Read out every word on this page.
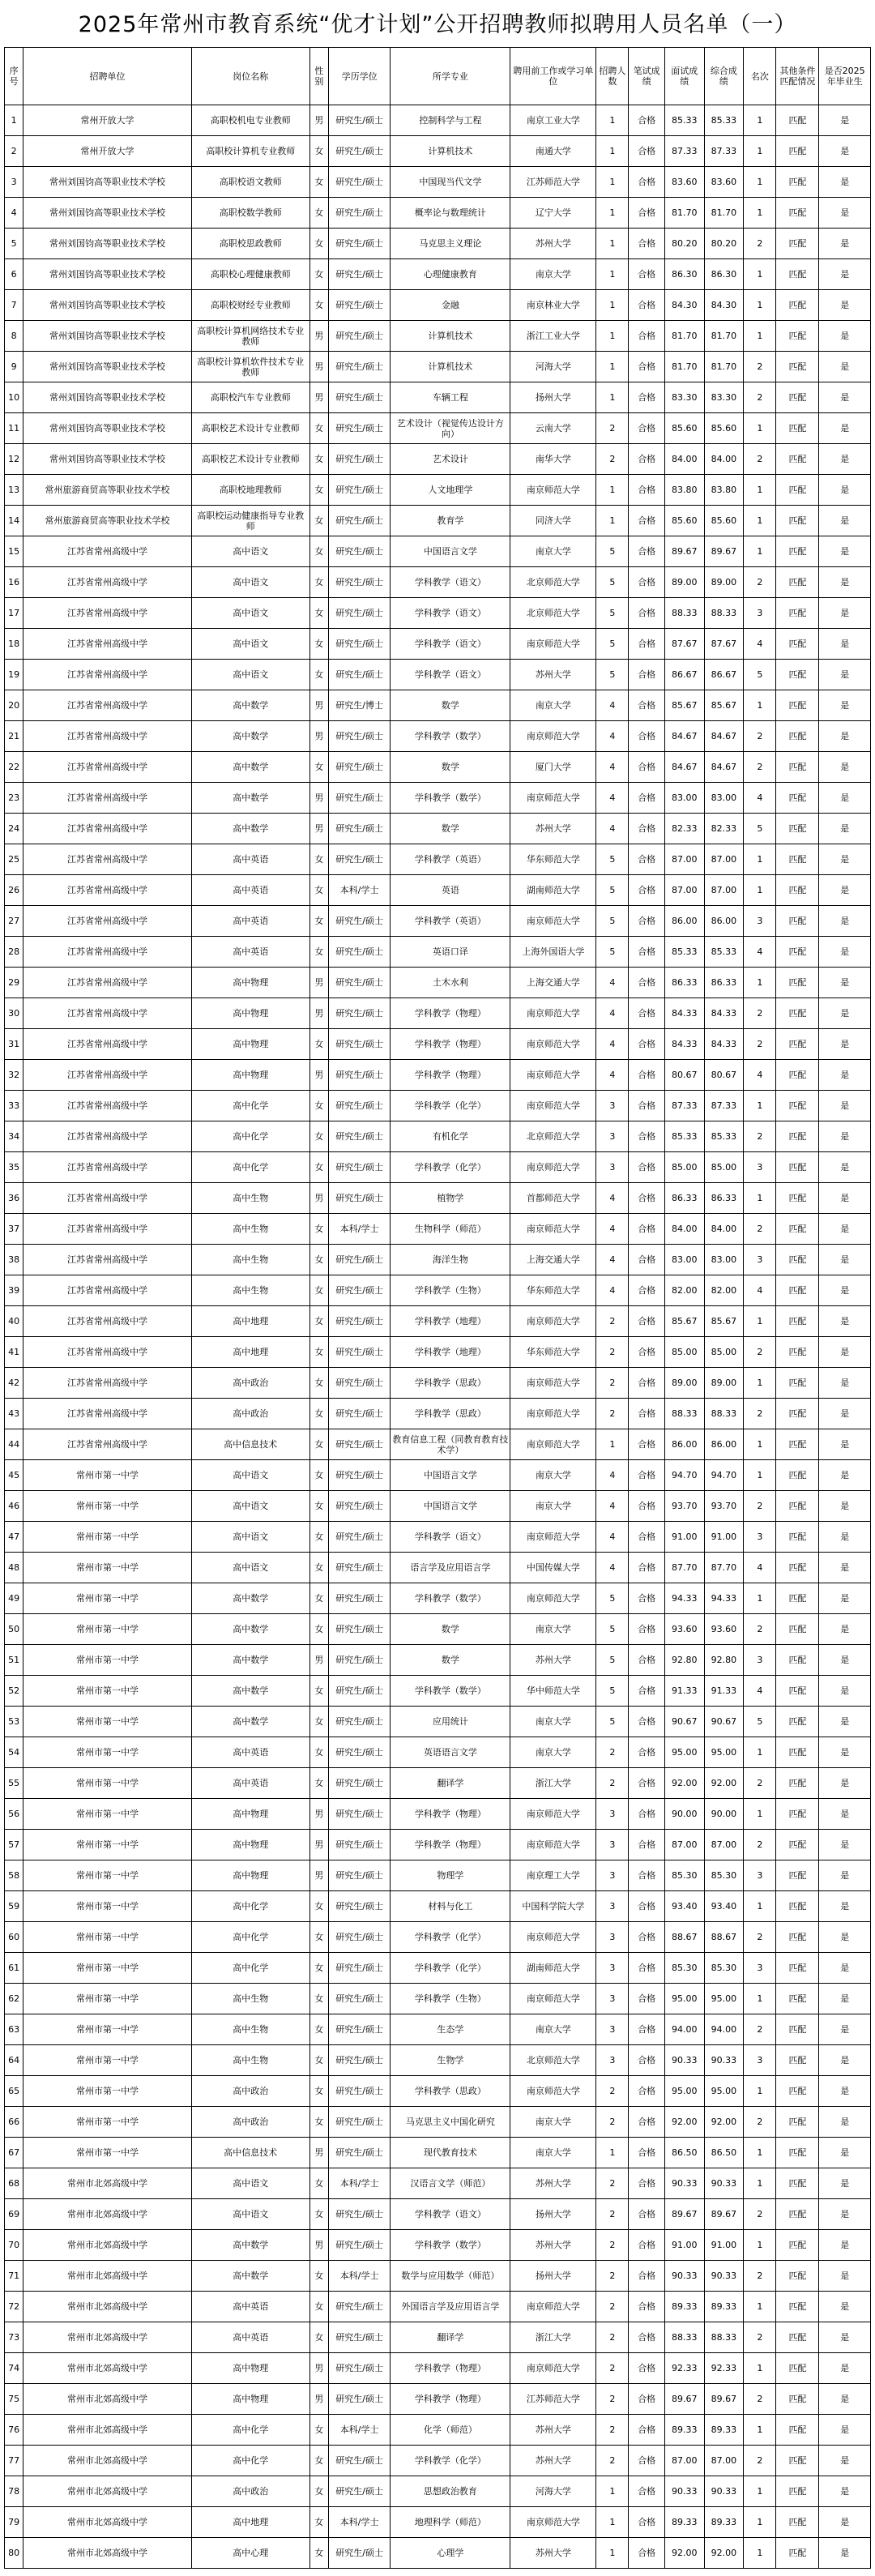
2025年常州市教育系统“优才计划”公开招聘教师拟聘用人员名单（一）
序号	招聘单位	岗位名称	性别	学历学位	所学专业	聘用前工作或学习单位	招聘人数	笔试成绩	面试成绩	综合成绩	名次	其他条件匹配情况	是否2025年毕业生
1	常州开放大学	高职校机电专业教师	男	研究生/硕士	控制科学与工程	南京工业大学	1	合格	85.33	85.33	1	匹配	是
2	常州开放大学	高职校计算机专业教师	女	研究生/硕士	计算机技术	南通大学	1	合格	87.33	87.33	1	匹配	是
3	常州刘国钧高等职业技术学校	高职校语文教师	女	研究生/硕士	中国现当代文学	江苏师范大学	1	合格	83.60	83.60	1	匹配	是
4	常州刘国钧高等职业技术学校	高职校数学教师	女	研究生/硕士	概率论与数理统计	辽宁大学	1	合格	81.70	81.70	1	匹配	是
5	常州刘国钧高等职业技术学校	高职校思政教师	女	研究生/硕士	马克思主义理论	苏州大学	1	合格	80.20	80.20	2	匹配	是
6	常州刘国钧高等职业技术学校	高职校心理健康教师	女	研究生/硕士	心理健康教育	南京大学	1	合格	86.30	86.30	1	匹配	是
7	常州刘国钧高等职业技术学校	高职校财经专业教师	女	研究生/硕士	金融	南京林业大学	1	合格	84.30	84.30	1	匹配	是
8	常州刘国钧高等职业技术学校	高职校计算机网络技术专业教师	男	研究生/硕士	计算机技术	浙江工业大学	1	合格	81.70	81.70	1	匹配	是
9	常州刘国钧高等职业技术学校	高职校计算机软件技术专业教师	男	研究生/硕士	计算机技术	河海大学	1	合格	81.70	81.70	2	匹配	是
10	常州刘国钧高等职业技术学校	高职校汽车专业教师	男	研究生/硕士	车辆工程	扬州大学	1	合格	83.30	83.30	2	匹配	是
11	常州刘国钧高等职业技术学校	高职校艺术设计专业教师	女	研究生/硕士	艺术设计（视觉传达设计方向）	云南大学	2	合格	85.60	85.60	1	匹配	是
12	常州刘国钧高等职业技术学校	高职校艺术设计专业教师	女	研究生/硕士	艺术设计	南华大学	2	合格	84.00	84.00	2	匹配	是
13	常州旅游商贸高等职业技术学校	高职校地理教师	女	研究生/硕士	人文地理学	南京师范大学	1	合格	83.80	83.80	1	匹配	是
14	常州旅游商贸高等职业技术学校	高职校运动健康指导专业教师	女	研究生/硕士	教育学	同济大学	1	合格	85.60	85.60	1	匹配	是
15	江苏省常州高级中学	高中语文	女	研究生/硕士	中国语言文学	南京大学	5	合格	89.67	89.67	1	匹配	是
16	江苏省常州高级中学	高中语文	女	研究生/硕士	学科教学（语文）	北京师范大学	5	合格	89.00	89.00	2	匹配	是
17	江苏省常州高级中学	高中语文	女	研究生/硕士	学科教学（语文）	北京师范大学	5	合格	88.33	88.33	3	匹配	是
18	江苏省常州高级中学	高中语文	女	研究生/硕士	学科教学（语文）	南京师范大学	5	合格	87.67	87.67	4	匹配	是
19	江苏省常州高级中学	高中语文	女	研究生/硕士	学科教学（语文）	苏州大学	5	合格	86.67	86.67	5	匹配	是
20	江苏省常州高级中学	高中数学	男	研究生/博士	数学	南京大学	4	合格	85.67	85.67	1	匹配	是
21	江苏省常州高级中学	高中数学	男	研究生/硕士	学科教学（数学）	南京师范大学	4	合格	84.67	84.67	2	匹配	是
22	江苏省常州高级中学	高中数学	女	研究生/硕士	数学	厦门大学	4	合格	84.67	84.67	2	匹配	是
23	江苏省常州高级中学	高中数学	男	研究生/硕士	学科教学（数学）	南京师范大学	4	合格	83.00	83.00	4	匹配	是
24	江苏省常州高级中学	高中数学	男	研究生/硕士	数学	苏州大学	4	合格	82.33	82.33	5	匹配	是
25	江苏省常州高级中学	高中英语	女	研究生/硕士	学科教学（英语）	华东师范大学	5	合格	87.00	87.00	1	匹配	是
26	江苏省常州高级中学	高中英语	女	本科/学士	英语	湖南师范大学	5	合格	87.00	87.00	1	匹配	是
27	江苏省常州高级中学	高中英语	女	研究生/硕士	学科教学（英语）	南京师范大学	5	合格	86.00	86.00	3	匹配	是
28	江苏省常州高级中学	高中英语	女	研究生/硕士	英语口译	上海外国语大学	5	合格	85.33	85.33	4	匹配	是
29	江苏省常州高级中学	高中物理	男	研究生/硕士	土木水利	上海交通大学	4	合格	86.33	86.33	1	匹配	是
30	江苏省常州高级中学	高中物理	男	研究生/硕士	学科教学（物理）	南京师范大学	4	合格	84.33	84.33	2	匹配	是
31	江苏省常州高级中学	高中物理	女	研究生/硕士	学科教学（物理）	南京师范大学	4	合格	84.33	84.33	2	匹配	是
32	江苏省常州高级中学	高中物理	男	研究生/硕士	学科教学（物理）	南京师范大学	4	合格	80.67	80.67	4	匹配	是
33	江苏省常州高级中学	高中化学	女	研究生/硕士	学科教学（化学）	南京师范大学	3	合格	87.33	87.33	1	匹配	是
34	江苏省常州高级中学	高中化学	女	研究生/硕士	有机化学	北京师范大学	3	合格	85.33	85.33	2	匹配	是
35	江苏省常州高级中学	高中化学	女	研究生/硕士	学科教学（化学）	南京师范大学	3	合格	85.00	85.00	3	匹配	是
36	江苏省常州高级中学	高中生物	男	研究生/硕士	植物学	首都师范大学	4	合格	86.33	86.33	1	匹配	是
37	江苏省常州高级中学	高中生物	女	本科/学士	生物科学（师范）	南京师范大学	4	合格	84.00	84.00	2	匹配	是
38	江苏省常州高级中学	高中生物	女	研究生/硕士	海洋生物	上海交通大学	4	合格	83.00	83.00	3	匹配	是
39	江苏省常州高级中学	高中生物	女	研究生/硕士	学科教学（生物）	华东师范大学	4	合格	82.00	82.00	4	匹配	是
40	江苏省常州高级中学	高中地理	女	研究生/硕士	学科教学（地理）	南京师范大学	2	合格	85.67	85.67	1	匹配	是
41	江苏省常州高级中学	高中地理	女	研究生/硕士	学科教学（地理）	华东师范大学	2	合格	85.00	85.00	2	匹配	是
42	江苏省常州高级中学	高中政治	女	研究生/硕士	学科教学（思政）	南京师范大学	2	合格	89.00	89.00	1	匹配	是
43	江苏省常州高级中学	高中政治	女	研究生/硕士	学科教学（思政）	南京师范大学	2	合格	88.33	88.33	2	匹配	是
44	江苏省常州高级中学	高中信息技术	女	研究生/硕士	教育信息工程（同教育教育技术学）	南京师范大学	1	合格	86.00	86.00	1	匹配	是
45	常州市第一中学	高中语文	女	研究生/硕士	中国语言文学	南京大学	4	合格	94.70	94.70	1	匹配	是
46	常州市第一中学	高中语文	女	研究生/硕士	中国语言文学	南京大学	4	合格	93.70	93.70	2	匹配	是
47	常州市第一中学	高中语文	女	研究生/硕士	学科教学（语文）	南京师范大学	4	合格	91.00	91.00	3	匹配	是
48	常州市第一中学	高中语文	女	研究生/硕士	语言学及应用语言学	中国传媒大学	4	合格	87.70	87.70	4	匹配	是
49	常州市第一中学	高中数学	女	研究生/硕士	学科教学（数学）	南京师范大学	5	合格	94.33	94.33	1	匹配	是
50	常州市第一中学	高中数学	女	研究生/硕士	数学	南京大学	5	合格	93.60	93.60	2	匹配	是
51	常州市第一中学	高中数学	男	研究生/硕士	数学	苏州大学	5	合格	92.80	92.80	3	匹配	是
52	常州市第一中学	高中数学	女	研究生/硕士	学科教学（数学）	华中师范大学	5	合格	91.33	91.33	4	匹配	是
53	常州市第一中学	高中数学	女	研究生/硕士	应用统计	南京大学	5	合格	90.67	90.67	5	匹配	是
54	常州市第一中学	高中英语	女	研究生/硕士	英语语言文学	南京大学	2	合格	95.00	95.00	1	匹配	是
55	常州市第一中学	高中英语	女	研究生/硕士	翻译学	浙江大学	2	合格	92.00	92.00	2	匹配	是
56	常州市第一中学	高中物理	男	研究生/硕士	学科教学（物理）	南京师范大学	3	合格	90.00	90.00	1	匹配	是
57	常州市第一中学	高中物理	男	研究生/硕士	学科教学（物理）	南京师范大学	3	合格	87.00	87.00	2	匹配	是
58	常州市第一中学	高中物理	男	研究生/硕士	物理学	南京理工大学	3	合格	85.30	85.30	3	匹配	是
59	常州市第一中学	高中化学	女	研究生/硕士	材料与化工	中国科学院大学	3	合格	93.40	93.40	1	匹配	是
60	常州市第一中学	高中化学	女	研究生/硕士	学科教学（化学）	南京师范大学	3	合格	88.67	88.67	2	匹配	是
61	常州市第一中学	高中化学	女	研究生/硕士	学科教学（化学）	湖南师范大学	3	合格	85.30	85.30	3	匹配	是
62	常州市第一中学	高中生物	女	研究生/硕士	学科教学（生物）	南京师范大学	3	合格	95.00	95.00	1	匹配	是
63	常州市第一中学	高中生物	女	研究生/硕士	生态学	南京大学	3	合格	94.00	94.00	2	匹配	是
64	常州市第一中学	高中生物	女	研究生/硕士	生物学	北京师范大学	3	合格	90.33	90.33	3	匹配	是
65	常州市第一中学	高中政治	女	研究生/硕士	学科教学（思政）	南京师范大学	2	合格	95.00	95.00	1	匹配	是
66	常州市第一中学	高中政治	女	研究生/硕士	马克思主义中国化研究	南京大学	2	合格	92.00	92.00	2	匹配	是
67	常州市第一中学	高中信息技术	男	研究生/硕士	现代教育技术	南京大学	1	合格	86.50	86.50	1	匹配	是
68	常州市北郊高级中学	高中语文	女	本科/学士	汉语言文学（师范）	苏州大学	2	合格	90.33	90.33	1	匹配	是
69	常州市北郊高级中学	高中语文	女	研究生/硕士	学科教学（语文）	扬州大学	2	合格	89.67	89.67	2	匹配	是
70	常州市北郊高级中学	高中数学	男	研究生/硕士	学科教学（数学）	苏州大学	2	合格	91.00	91.00	1	匹配	是
71	常州市北郊高级中学	高中数学	女	本科/学士	数学与应用数学（师范）	扬州大学	2	合格	90.33	90.33	2	匹配	是
72	常州市北郊高级中学	高中英语	女	研究生/硕士	外国语言学及应用语言学	南京师范大学	2	合格	89.33	89.33	1	匹配	是
73	常州市北郊高级中学	高中英语	女	研究生/硕士	翻译学	浙江大学	2	合格	88.33	88.33	2	匹配	是
74	常州市北郊高级中学	高中物理	男	研究生/硕士	学科教学（物理）	南京师范大学	2	合格	92.33	92.33	1	匹配	是
75	常州市北郊高级中学	高中物理	男	研究生/硕士	学科教学（物理）	江苏师范大学	2	合格	89.67	89.67	2	匹配	是
76	常州市北郊高级中学	高中化学	女	本科/学士	化学（师范）	苏州大学	2	合格	89.33	89.33	1	匹配	是
77	常州市北郊高级中学	高中化学	女	研究生/硕士	学科教学（化学）	苏州大学	2	合格	87.00	87.00	2	匹配	是
78	常州市北郊高级中学	高中政治	女	研究生/硕士	思想政治教育	河海大学	1	合格	90.33	90.33	1	匹配	是
79	常州市北郊高级中学	高中地理	女	本科/学士	地理科学（师范）	南京师范大学	1	合格	89.33	89.33	1	匹配	是
80	常州市北郊高级中学	高中心理	女	研究生/硕士	心理学	苏州大学	1	合格	92.00	92.00	1	匹配	是
